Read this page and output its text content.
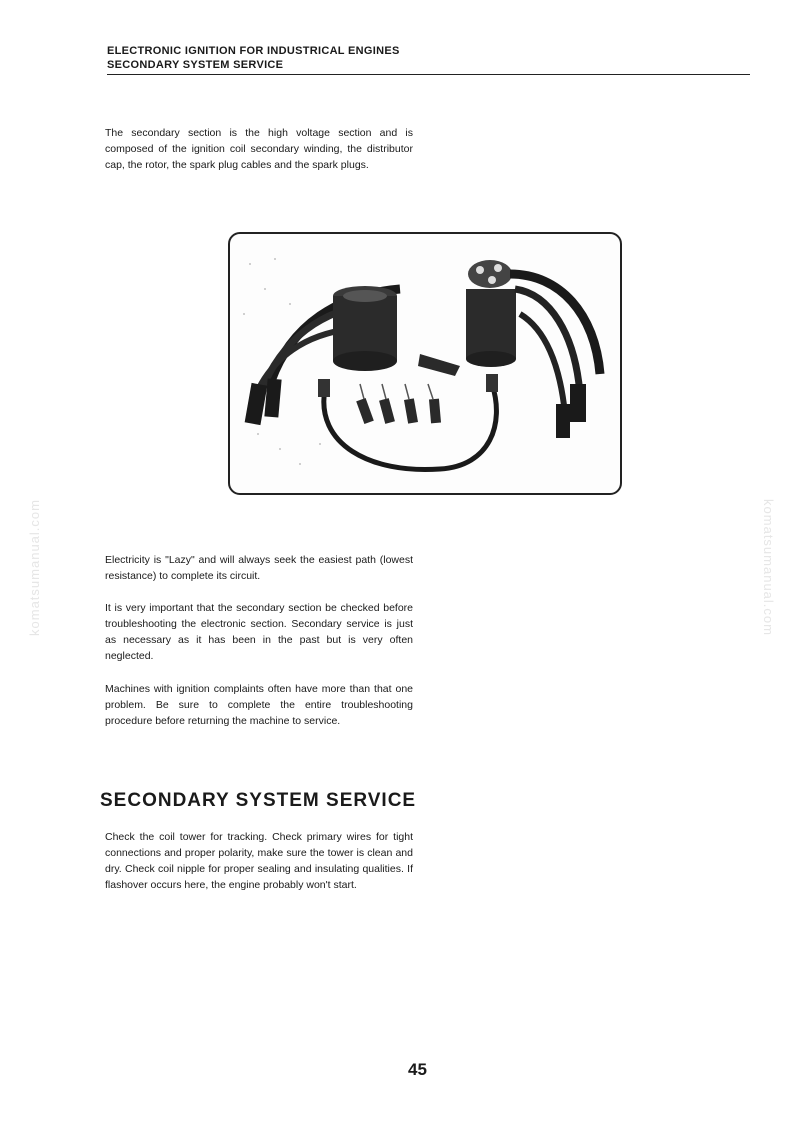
ELECTRONIC IGNITION FOR INDUSTRICAL ENGINES
SECONDARY SYSTEM SERVICE
The secondary section is the high voltage section and is composed of the ignition coil secondary winding, the distributor cap, the rotor, the spark plug cables and the spark plugs.
Electricity is "Lazy" and will always seek the easiest path (lowest resistance) to complete its circuit.
It is very important that the secondary section be checked before troubleshooting the electronic section. Secondary service is just as necessary as it has been in the past but is very often neglected.
Machines with ignition complaints often have more than that one problem. Be sure to complete the entire troubleshooting procedure before returning the machine to service.
SECONDARY SYSTEM SERVICE
Check the coil tower for tracking. Check primary wires for tight connections and proper polarity, make sure the tower is clean and dry. Check coil nipple for proper sealing and insulating qualities. If flashover occurs here, the engine probably won't start.
komatsumanual.com	komatsumanual.com
45
